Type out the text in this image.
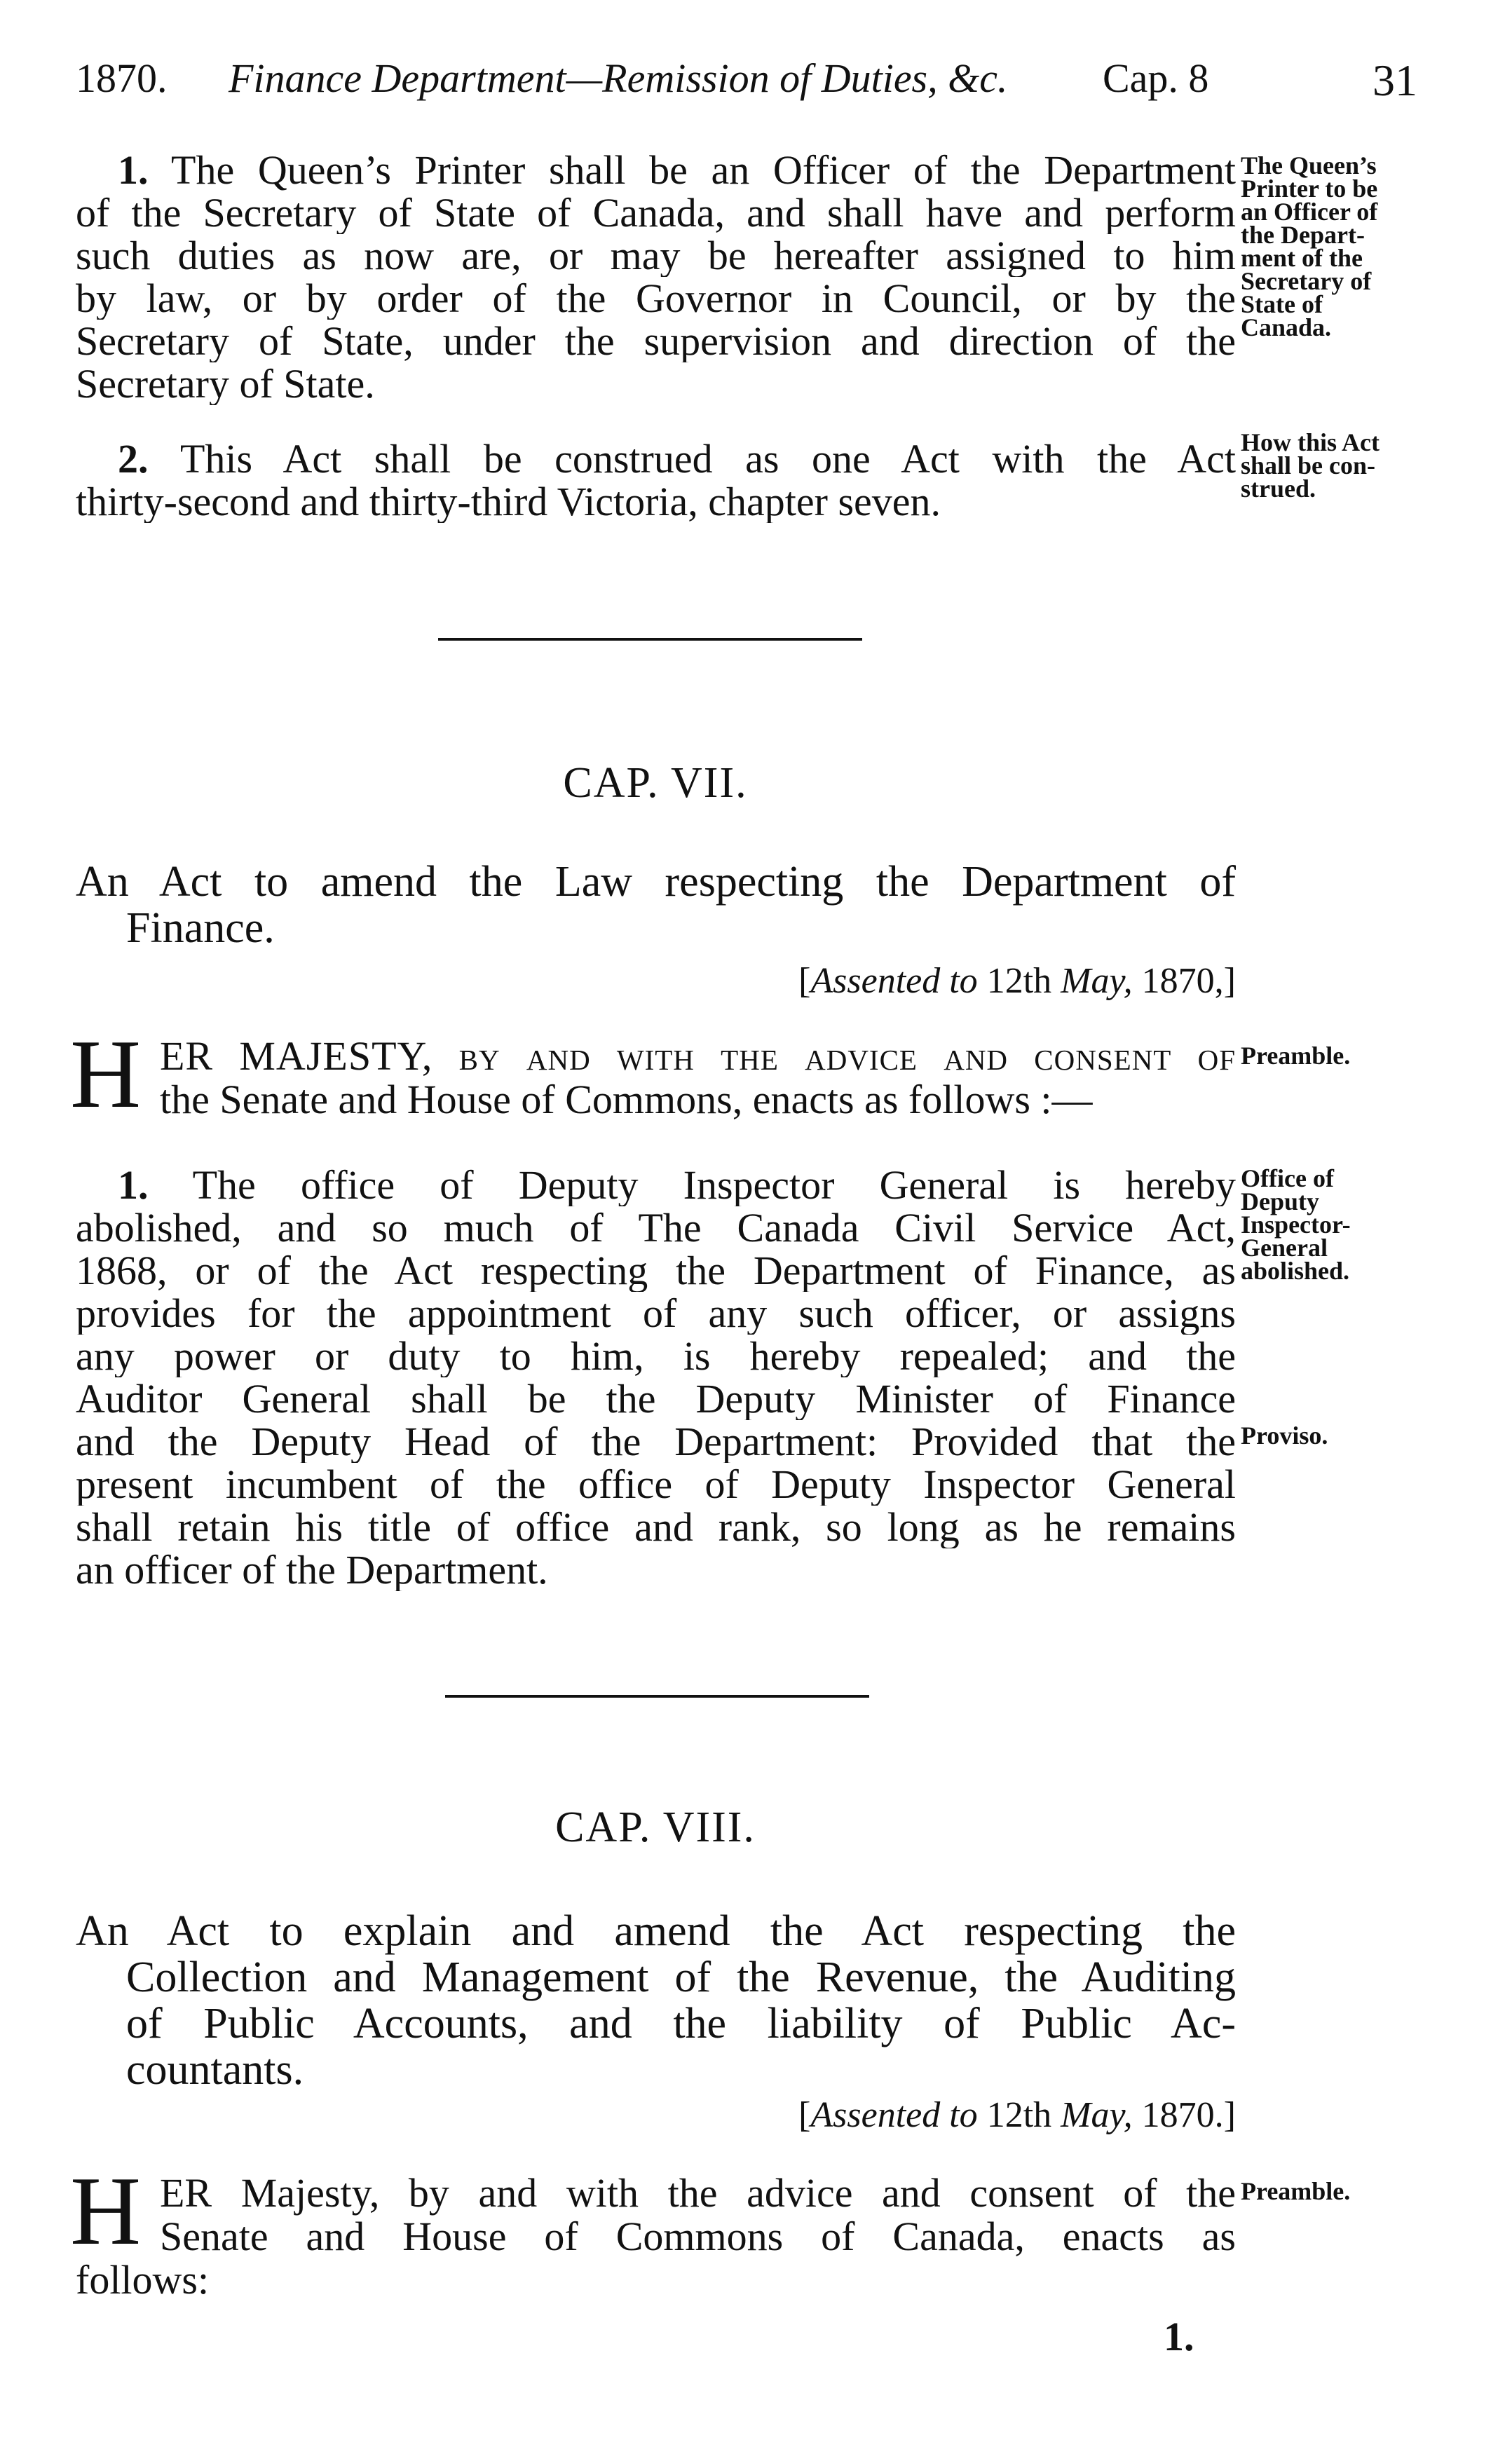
1870. Finance Department—Remission of Duties, &c. Cap. 8	31
1. The Queen’s Printer shall be an Officer of the Department
of the Secretary of State of Canada, and shall have and perform
such duties as now are, or may be hereafter assigned to him
by law, or by order of the Governor in Council, or by the
Secretary of State, under the supervision and direction of the
Secretary of State.
The Queen’s
Printer to be
an Officer of
the Depart-
ment of the
Secretary of
State of
Canada.
2. This Act shall be construed as one Act with the Act
thirty-second and thirty-third Victoria, chapter seven.
How this Act
shall be con-
strued.
CAP. VII.
An Act to amend the Law respecting the Department of
Finance.
[Assented to 12th May, 1870,]
H ER MAJESTY, by and with the advice and consent of
the Senate and House of Commons, enacts as follows :—
Preamble.
1. The office of Deputy Inspector General is hereby
abolished, and so much of The Canada Civil Service Act,
1868, or of the Act respecting the Department of Finance, as
provides for the appointment of any such officer, or assigns
any power or duty to him, is hereby repealed; and the
Auditor General shall be the Deputy Minister of Finance
and the Deputy Head of the Department: Provided that the
present incumbent of the office of Deputy Inspector General
shall retain his title of office and rank, so long as he remains
an officer of the Department.
Office of
Deputy
Inspector-
General
abolished.
Proviso.
CAP. VIII.
An Act to explain and amend the Act respecting the
Collection and Management of the Revenue, the Auditing
of Public Accounts, and the liability of Public Ac-
countants.
[Assented to 12th May, 1870.]
H ER Majesty, by and with the advice and consent of the
Senate and House of Commons of Canada, enacts as
follows:
Preamble.
1.
